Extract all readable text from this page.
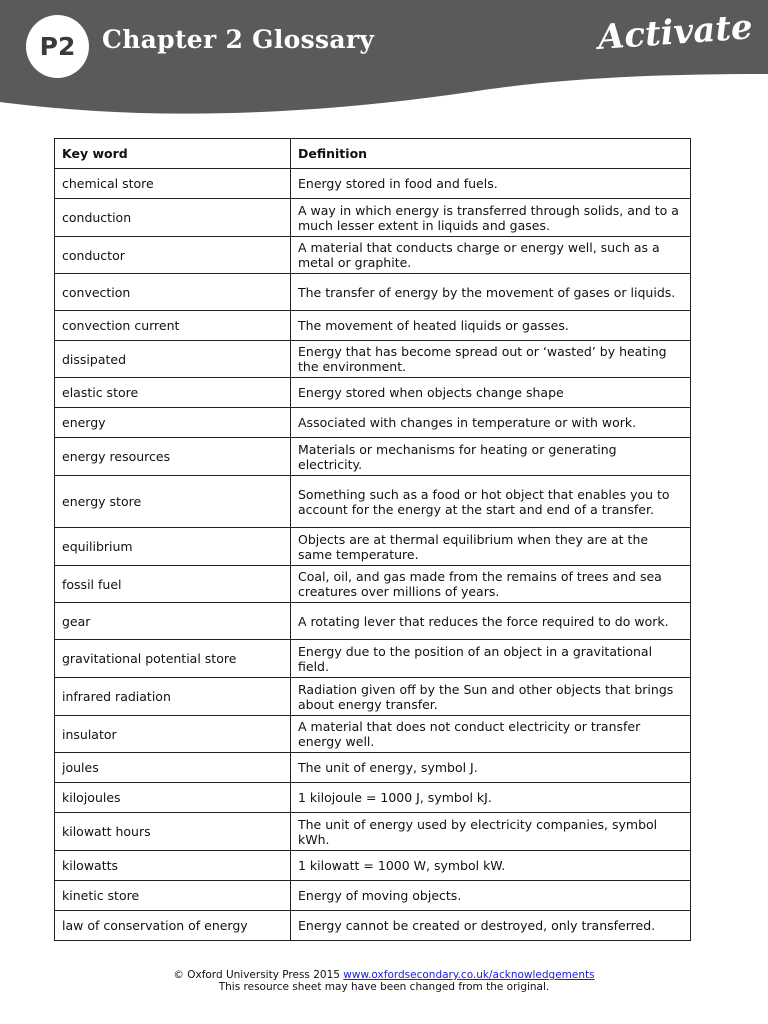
P2 Chapter 2 Glossary	Activate
Key word	Definition
chemical store	Energy stored in food and fuels.
conduction	A way in which energy is transferred through solids, and to a much lesser extent in liquids and gases.
conductor	A material that conducts charge or energy well, such as a metal or graphite.
convection	The transfer of energy by the movement of gases or liquids.
convection current	The movement of heated liquids or gasses.
dissipated	Energy that has become spread out or ‘wasted’ by heating the environment.
elastic store	Energy stored when objects change shape
energy	Associated with changes in temperature or with work.
energy resources	Materials or mechanisms for heating or generating electricity.
energy store	Something such as a food or hot object that enables you to account for the energy at the start and end of a transfer.
equilibrium	Objects are at thermal equilibrium when they are at the same temperature.
fossil fuel	Coal, oil, and gas made from the remains of trees and sea creatures over millions of years.
gear	A rotating lever that reduces the force required to do work.
gravitational potential store	Energy due to the position of an object in a gravitational field.
infrared radiation	Radiation given off by the Sun and other objects that brings about energy transfer.
insulator	A material that does not conduct electricity or transfer energy well.
joules	The unit of energy, symbol J.
kilojoules	1 kilojoule = 1000 J, symbol kJ.
kilowatt hours	The unit of energy used by electricity companies, symbol kWh.
kilowatts	1 kilowatt = 1000 W, symbol kW.
kinetic store	Energy of moving objects.
law of conservation of energy	Energy cannot be created or destroyed, only transferred.
© Oxford University Press 2015 www.oxfordsecondary.co.uk/acknowledgements
This resource sheet may have been changed from the original.
